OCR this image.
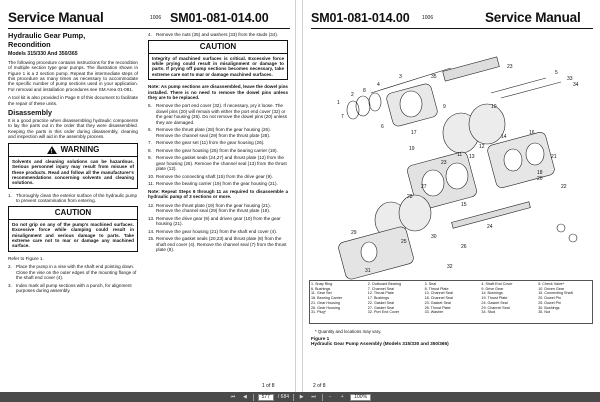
Service Manual	1006 SM01-081-014.00
Hydraulic Gear Pump,
Recondition
Models 315/330 And 350/365

The following procedure contains instructions for the recondition of multiple section type gear pumps. The illustration shown in Figure 1 is a 2 section pump. Repeat the intermediate steps of this procedure as many times as necessary to accommodate the specific number of pump sections used in your application. For removal and installation procedures see SM Area 01-081.

A tool kit is also provided in Page 8 of this document to facilitate the repair of these units.

Disassembly

It is a good practice when disassembling hydraulic components to lay the parts out in the order that they were disassembled. Keeping the parts in this order during disassembly, cleaning and inspection will aid in the assembly process.

!
WARNING
Solvents and cleaning solutions can be hazardous. Serious personnel injury may result from misuse of these products. Read and follow all the manufacturer's recommendations concerning solvents and cleaning solutions.
1. Thoroughly clean the exterior surface of the hydraulic pump to prevent contamination from entering.
CAUTION
Do not grip on any of the pump's machined surfaces. Excessive force while clamping could result in misalignment and serious damage to parts. Take extreme care not to mar or damage any machined surface.

Refer to Figure 1.

2. Place the pump in a vise with the shaft end pointing down. Close the vise on the outer edges of the mounting flange of the shaft end cover (4).
3. Index mark all pump sections with a punch, for alignment purposes during assembly.
4. Remove the nuts (35) and washers (33) from the studs (34).
CAUTION
Integrity of machined surfaces is critical. Excessive force while prying could result in misalignment or damage to parts. If prying off pump sections becomes necessary, take extreme care not to mar or damage machined surfaces.

Note: As pump sections are disassembled, leave the dowel pins installed. There is no need to remove the dowel pins unless they are to be replaced.

5. Remove the port end cover (32). If necessary, pry it loose. The dowel pins (20) will remain with either the port end cover (32) or the gear housing (26). Do not remove the dowel pins (20) unless they are damaged.
6. Remove the thrust plate (28) from the gear housing (26). Remove the channel seal (29) from the thrust plate (28).
7. Remove the gear set (11) from the gear housing (26).
8. Remove the gear housing (26) from the bearing carrier (19).
9. Remove the gasket seals (24,27) and thrust plate (12) from the gear housing (26). Remove the channel seal (13) from the thrust plate (12).
10. Remove the connecting shaft (15) from the drive gear (9).
11. Remove the bearing carrier (19) from the gear housing (21).

Note: Repeat Steps 6 through 11 as required to disassemble a hydraulic pump of 3 sections or more.

12. Remove the thrust plate (19) from the gear housing (21). Remove the channel seal (29) from the thrust plate (19).
13. Remove the drive gear (9) and driven gear (10) from the gear housing (21).
14. Remove the gear housing (21) from the shaft end cover (4).
15. Remove the gasket seals (20,23) and thrust plate (8) from the shaft end cover (4). Remove the channel seal (7) from the thrust plate (8).
1 of 8
SM01-081-014.00 1006	Service Manual
2
8
4
6
3
7
35
5
33
23
9
34
1
10
11 13
12
14
15
16
17
18
19
20
21
22
23
24
25
26
27
28
29
30
31
32
1. Snap Ring	2. Outboard Bearing	3. Seal	4. Shaft End Cover	5. Check Valve*
6. Bushings	7. Channel Seal	8. Thrust Plate	9. Drive Gear	10. Driven Gear
11. Gear Set	12. Thrust Plate	13. Channel Seal	14. Bushings	15. Connecting Shaft
16. Bearing Carrier	17. Bushings	18. Channel Seal	19. Thrust Plate	20. Dowel Pin
21. Gear Housing	22. Gasket Seal	23. Gasket Seal	24. Gasket Seal	25. Dowel Pin
26. Gear Housing	27. Gasket Seal	28. Thrust Plate	29. Channel Seal	30. Bushings
31. Plug*	32. Port End Cover	33. Washer	34. Stud	35. Nut
* Quantity and locations may vary.
Figure 1
Hydraulic Gear Pump Assembly (Models 315/330 and 350/365)
2 of 8
⏮	◀	577	/ 684	▶	⏭	−	+	100%
